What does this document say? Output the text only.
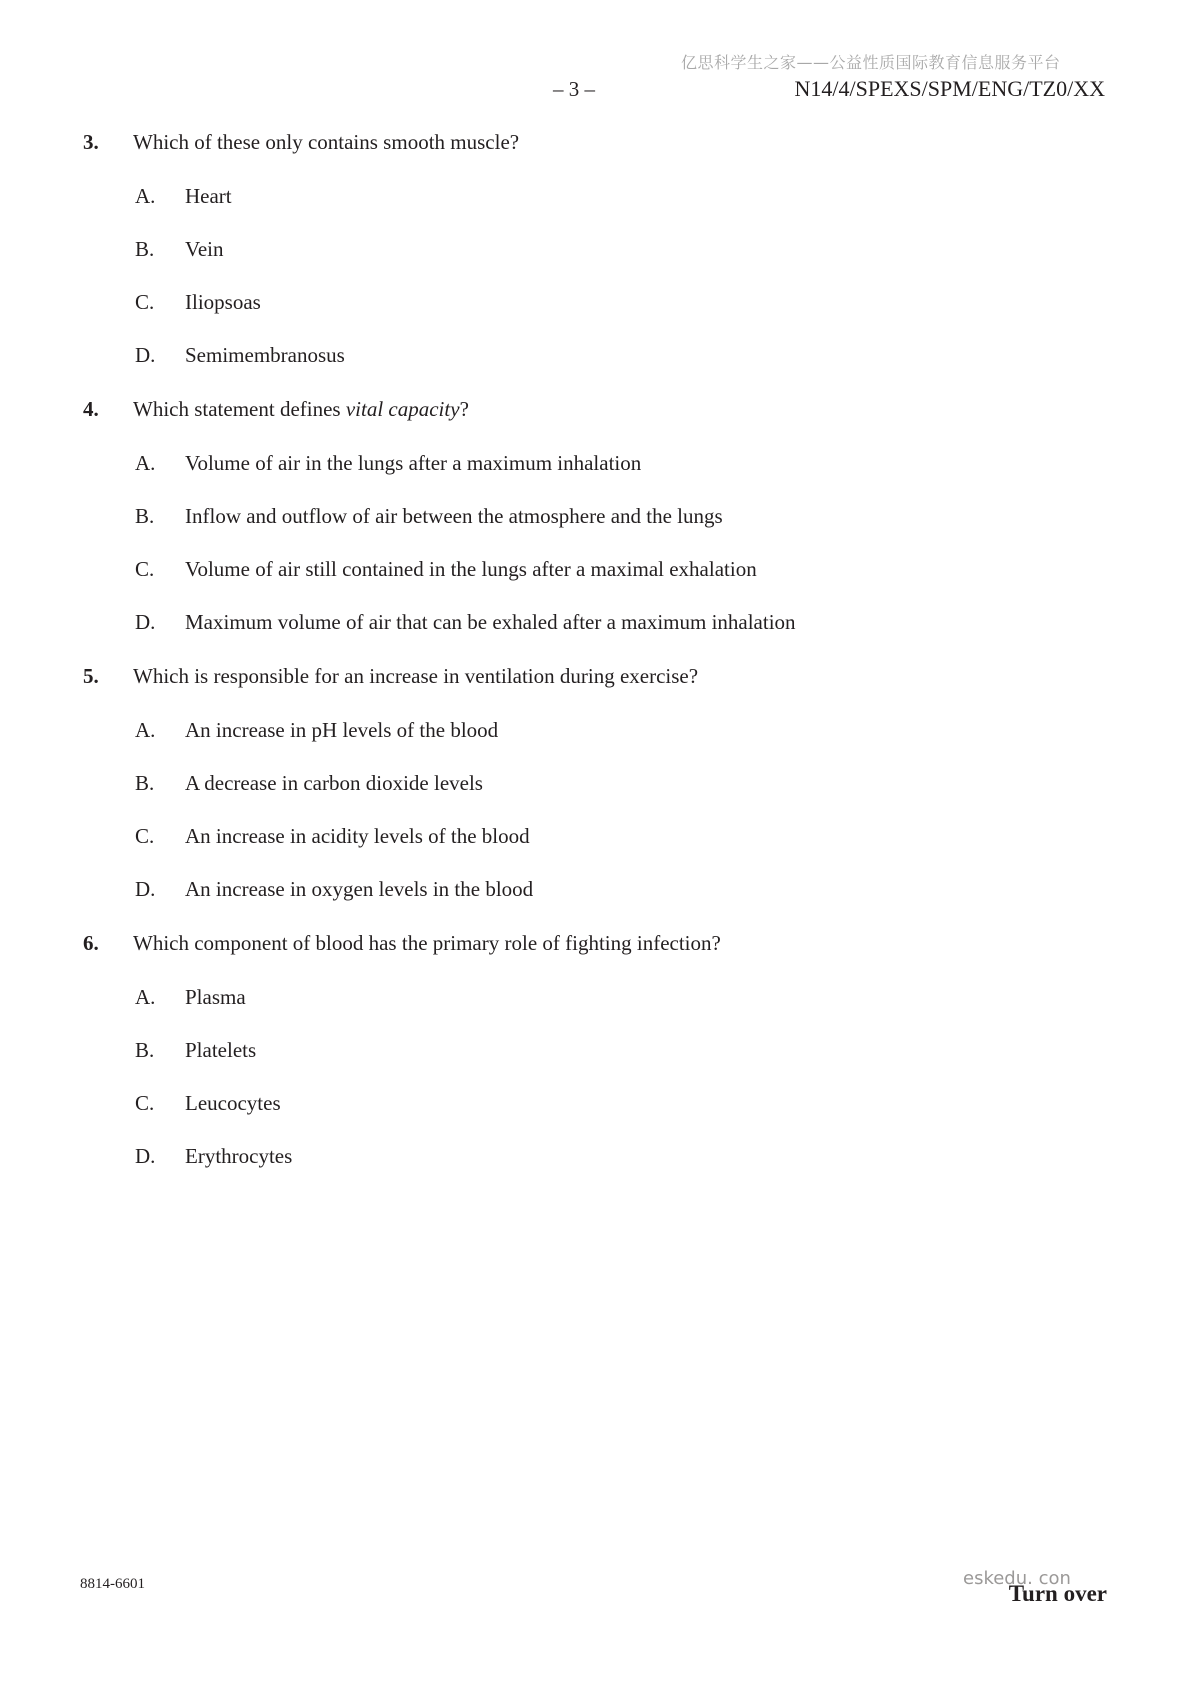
亿思科学生之家——公益性质国际教育信息服务平台
– 3 –	N14/4/SPEXS/SPM/ENG/TZ0/XX
3.	Which of these only contains smooth muscle?
A.	Heart
B.	Vein
C.	Iliopsoas
D.	Semimembranosus
4.	Which statement defines vital capacity?
A.	Volume of air in the lungs after a maximum inhalation
B.	Inflow and outflow of air between the atmosphere and the lungs
C.	Volume of air still contained in the lungs after a maximal exhalation
D.	Maximum volume of air that can be exhaled after a maximum inhalation
5.	Which is responsible for an increase in ventilation during exercise?
A.	An increase in pH levels of the blood
B.	A decrease in carbon dioxide levels
C.	An increase in acidity levels of the blood
D.	An increase in oxygen levels in the blood
6.	Which component of blood has the primary role of fighting infection?
A.	Plasma
B.	Platelets
C.	Leucocytes
D.	Erythrocytes
8814-6601	eskedu. con
Turn over
